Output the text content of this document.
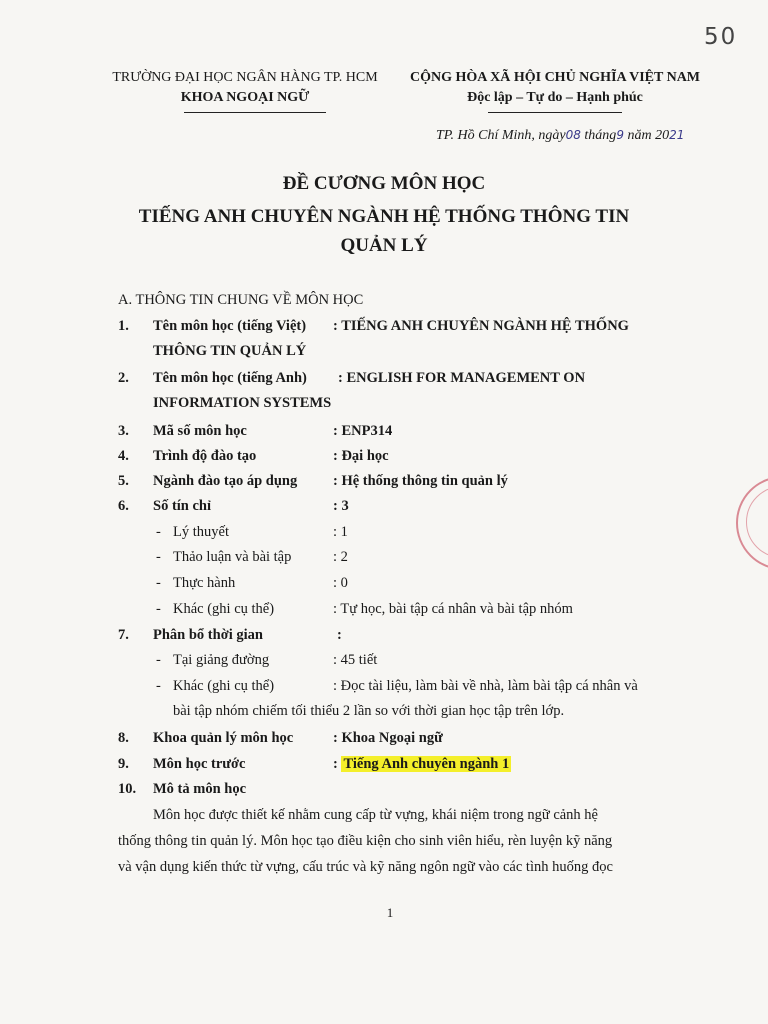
50
TRƯỜNG ĐẠI HỌC NGÂN HÀNG TP. HCM
KHOA NGOẠI NGỮ
CỘNG HÒA XÃ HỘI CHỦ NGHĨA VIỆT NAM
Độc lập – Tự do – Hạnh phúc
TP. Hồ Chí Minh, ngày08 tháng9 năm 2021
ĐỀ CƯƠNG MÔN HỌC
TIẾNG ANH CHUYÊN NGÀNH HỆ THỐNG THÔNG TIN
QUẢN LÝ
A. THÔNG TIN CHUNG VỀ MÔN HỌC
1. Tên môn học (tiếng Việt) : TIẾNG ANH CHUYÊN NGÀNH HỆ THỐNG
THÔNG TIN QUẢN LÝ
2. Tên môn học (tiếng Anh) : ENGLISH FOR MANAGEMENT ON
INFORMATION SYSTEMS
3. Mã số môn học	: ENP314
4. Trình độ đào tạo	: Đại học
5. Ngành đào tạo áp dụng : Hệ thống thông tin quản lý
6. Số tín chỉ	: 3
- Lý thuyết	: 1
- Thảo luận và bài tập	: 2
- Thực hành	: 0
- Khác (ghi cụ thể)	: Tự học, bài tập cá nhân và bài tập nhóm
7. Phân bổ thời gian	:
- Tại giảng đường	: 45 tiết
- Khác (ghi cụ thể)	: Đọc tài liệu, làm bài về nhà, làm bài tập cá nhân và
bài tập nhóm chiếm tối thiểu 2 lần so với thời gian học tập trên lớp.
8. Khoa quản lý môn học	: Khoa Ngoại ngữ
9. Môn học trước	: Tiếng Anh chuyên ngành 1
10. Mô tả môn học
Môn học được thiết kế nhằm cung cấp từ vựng, khái niệm trong ngữ cảnh hệ
thống thông tin quản lý. Môn học tạo điều kiện cho sinh viên hiểu, rèn luyện kỹ năng
và vận dụng kiến thức từ vựng, cấu trúc và kỹ năng ngôn ngữ vào các tình huống đọc
1
